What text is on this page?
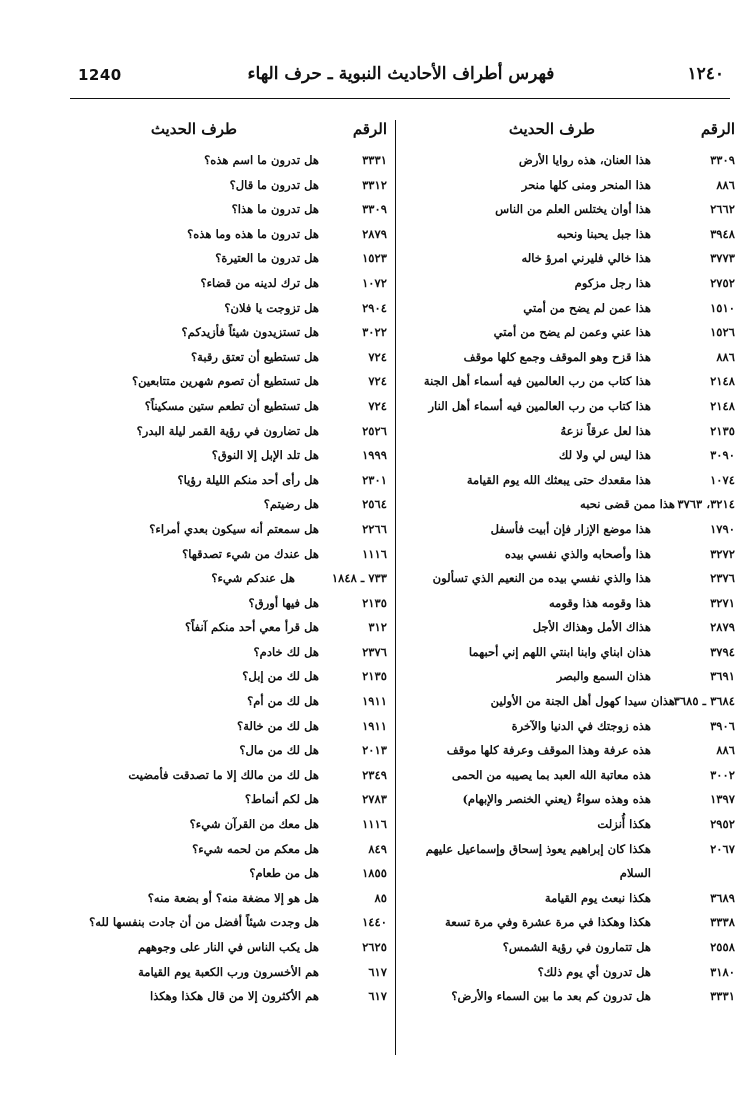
1240	فهرس أطراف الأحاديث النبوية ـ حرف الهاء	١٢٤٠
الرقم
طرف الحديث
٣٣٠٩
هذا العنان، هذه روايا الأرض
٨٨٦
هذا المنحر ومنى كلها منحر
٢٦٦٢
هذا أوان يختلس العلم من الناس
٣٩٤٨
هذا جبل يحبنا ونحبه
٣٧٧٣
هذا خالي فليرني امرؤ خاله
٢٧٥٢
هذا رجل مزكوم
١٥١٠
هذا عمن لم يضح من أمتي
١٥٢٦
هذا عني وعمن لم يضح من أمتي
٨٨٦
هذا قزح وهو الموقف وجمع كلها موقف
٢١٤٨
هذا كتاب من رب العالمين فيه أسماء أهل الجنة
٢١٤٨
هذا كتاب من رب العالمين فيه أسماء أهل النار
٢١٣٥
هذا لعل عرقاً نزعهُ
٣٠٩٠
هذا ليس لي ولا لك
١٠٧٤
هذا مقعدك حتى يبعثك الله يوم القيامة
٣٢١٤، ٣٧٦٣
هذا ممن قضى نحبه
١٧٩٠
هذا موضع الإزار فإن أبيت فأسفل
٣٢٧٢
هذا وأصحابه والذي نفسي بيده
٢٣٧٦
هذا والذي نفسي بيده من النعيم الذي تسألون
٣٢٧١
هذا وقومه هذا وقومه
٢٨٧٩
هذاك الأمل وهذاك الأجل
٣٧٩٤
هذان ابناي وابنا ابنتي اللهم إني أحبهما
٣٦٩١
هذان السمع والبصر
٣٦٨٤ ـ ٣٦٨٥
هذان سيدا كهول أهل الجنة من الأولين
٣٩٠٦
هذه زوجتك في الدنيا والآخرة
٨٨٦
هذه عرفة وهذا الموقف وعرفة كلها موقف
٣٠٠٢
هذه معاتبة الله العبد بما يصيبه من الحمى
١٣٩٧
هذه وهذه سواءٌ (يعني الخنصر والإبهام)
٢٩٥٢
هكذا أُنزلت
٢٠٦٧
هكذا كان إبراهيم يعوذ إسحاق وإسماعيل عليهم
السلام
٣٦٨٩
هكذا نبعث يوم القيامة
٣٣٣٨
هكذا وهكذا في مرة عشرة وفي مرة تسعة
٢٥٥٨
هل تتمارون في رؤية الشمس؟
٣١٨٠
هل تدرون أي يوم ذلك؟
٣٣٣١
هل تدرون كم بعد ما بين السماء والأرض؟
الرقم
طرف الحديث
٣٣٣١
هل تدرون ما اسم هذه؟
٣٣١٢
هل تدرون ما قال؟
٣٣٠٩
هل تدرون ما هذا؟
٢٨٧٩
هل تدرون ما هذه وما هذه؟
١٥٢٣
هل تدرون ما العتيرة؟
١٠٧٢
هل ترك لدينه من قضاء؟
٢٩٠٤
هل تزوجت يا فلان؟
٣٠٢٢
هل تستزيدون شيئاً فأزيدكم؟
٧٢٤
هل تستطيع أن تعتق رقبة؟
٧٢٤
هل تستطيع أن تصوم شهرين متتابعين؟
٧٢٤
هل تستطيع أن تطعم ستين مسكيناً؟
٢٥٢٦
هل تضارون في رؤية القمر ليلة البدر؟
١٩٩٩
هل تلد الإبل إلا النوق؟
٢٣٠١
هل رأى أحد منكم الليلة رؤيا؟
٢٥٦٤
هل رضيتم؟
٢٢٦٦
هل سمعتم أنه سيكون بعدي أمراء؟
١١١٦
هل عندك من شيء تصدقها؟
٧٣٣ ـ ١٨٤٨
هل عندكم شيء؟
٢١٣٥
هل فيها أورق؟
٣١٢
هل قرأ معي أحد منكم آنفاً؟
٢٣٧٦
هل لك خادم؟
٢١٣٥
هل لك من إبل؟
١٩١١
هل لك من أم؟
١٩١١
هل لك من خالة؟
٢٠١٣
هل لك من مال؟
٢٣٤٩
هل لك من مالك إلا ما تصدقت فأمضيت
٢٧٨٣
هل لكم أنماط؟
١١١٦
هل معك من القرآن شيء؟
٨٤٩
هل معكم من لحمه شيء؟
١٨٥٥
هل من طعام؟
٨٥
هل هو إلا مضغة منه؟ أو بضعة منه؟
١٤٤٠
هل وجدت شيئاً أفضل من أن جادت بنفسها لله؟
٢٦٢٥
هل يكب الناس في النار على وجوههم
٦١٧
هم الأخسرون ورب الكعبة يوم القيامة
٦١٧
هم الأكثرون إلا من قال هكذا وهكذا
